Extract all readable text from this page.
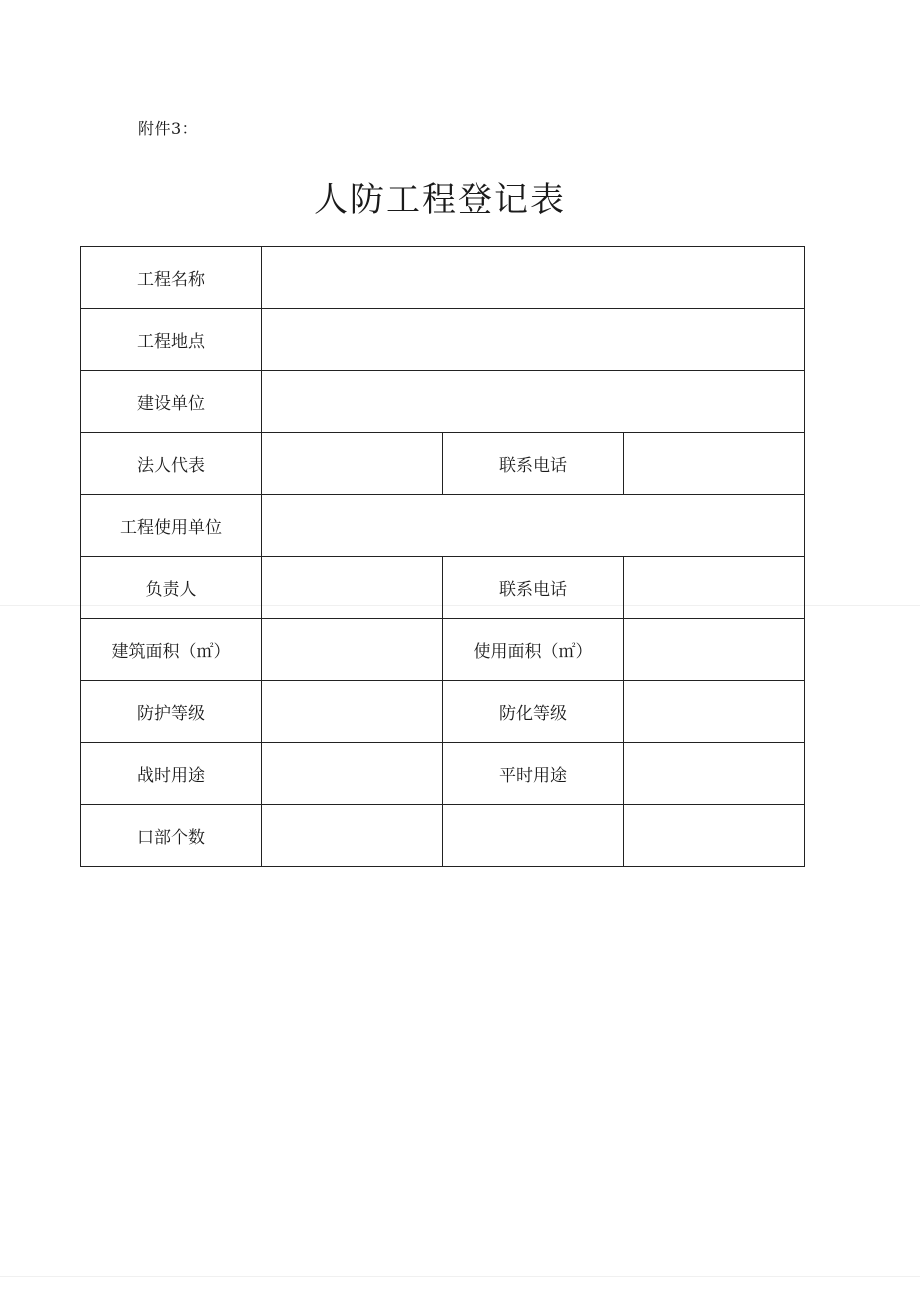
附件3：
人防工程登记表
工程名称			
工程地点			
建设单位			
法人代表		联系电话	
工程使用单位			
负责人		联系电话	
建筑面积（㎡）		使用面积（㎡）	
防护等级		防化等级	
战时用途		平时用途	
口部个数			
